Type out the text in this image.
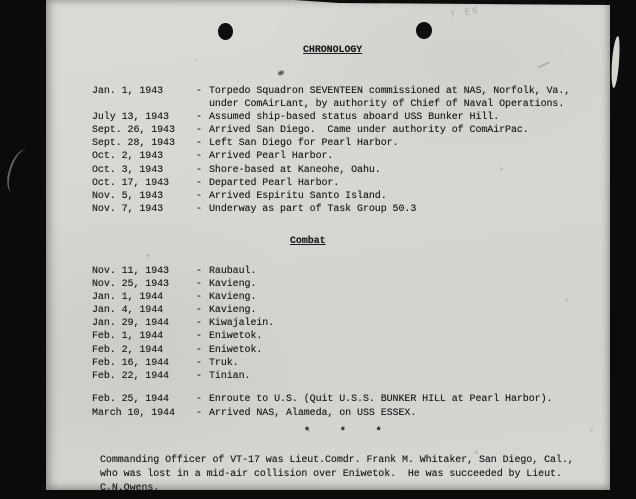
7 ES
CHRONOLOGY
Jan. 1, 1943	- Torpedo Squadron SEVENTEEN commissioned at NAS, Norfolk, Va., under ComAirLant, by authority of Chief of Naval Operations.
July 13, 1943	- Assumed ship-based status aboard USS Bunker Hill.
Sept. 26, 1943	- Arrived San Diego.  Came under authority of ComAirPac.
Sept. 28, 1943	- Left San Diego for Pearl Harbor.
Oct. 2, 1943	- Arrived Pearl Harbor.
Oct. 3, 1943	- Shore-based at Kaneohe, Oahu.
Oct. 17, 1943	- Departed Pearl Harbor.
Nov. 5, 1943	- Arrived Espiritu Santo Island.
Nov. 7, 1943	- Underway as part of Task Group 50.3
Combat
Nov. 11, 1943	- Raubaul.
Nov. 25, 1943	- Kavieng.
Jan. 1, 1944	- Kavieng.
Jan. 4, 1944	- Kavieng.
Jan. 29, 1944	- Kiwajalein.
Feb. 1, 1944	- Eniwetok.
Feb. 2, 1944	- Eniwetok.
Feb. 16, 1944	- Truk.
Feb. 22, 1944	- Tinian.
Feb. 25, 1944	- Enroute to U.S. (Quit U.S.S. BUNKER HILL at Pearl Harbor).
March 10, 1944	- Arrived NAS, Alameda, on USS ESSEX.
* * *
Commanding Officer of VT-17 was Lieut.Comdr. Frank M. Whitaker, San Diego, Cal., who was lost in a mid-air collision over Eniwetok.  He was succeeded by Lieut. C.N.Owens.
